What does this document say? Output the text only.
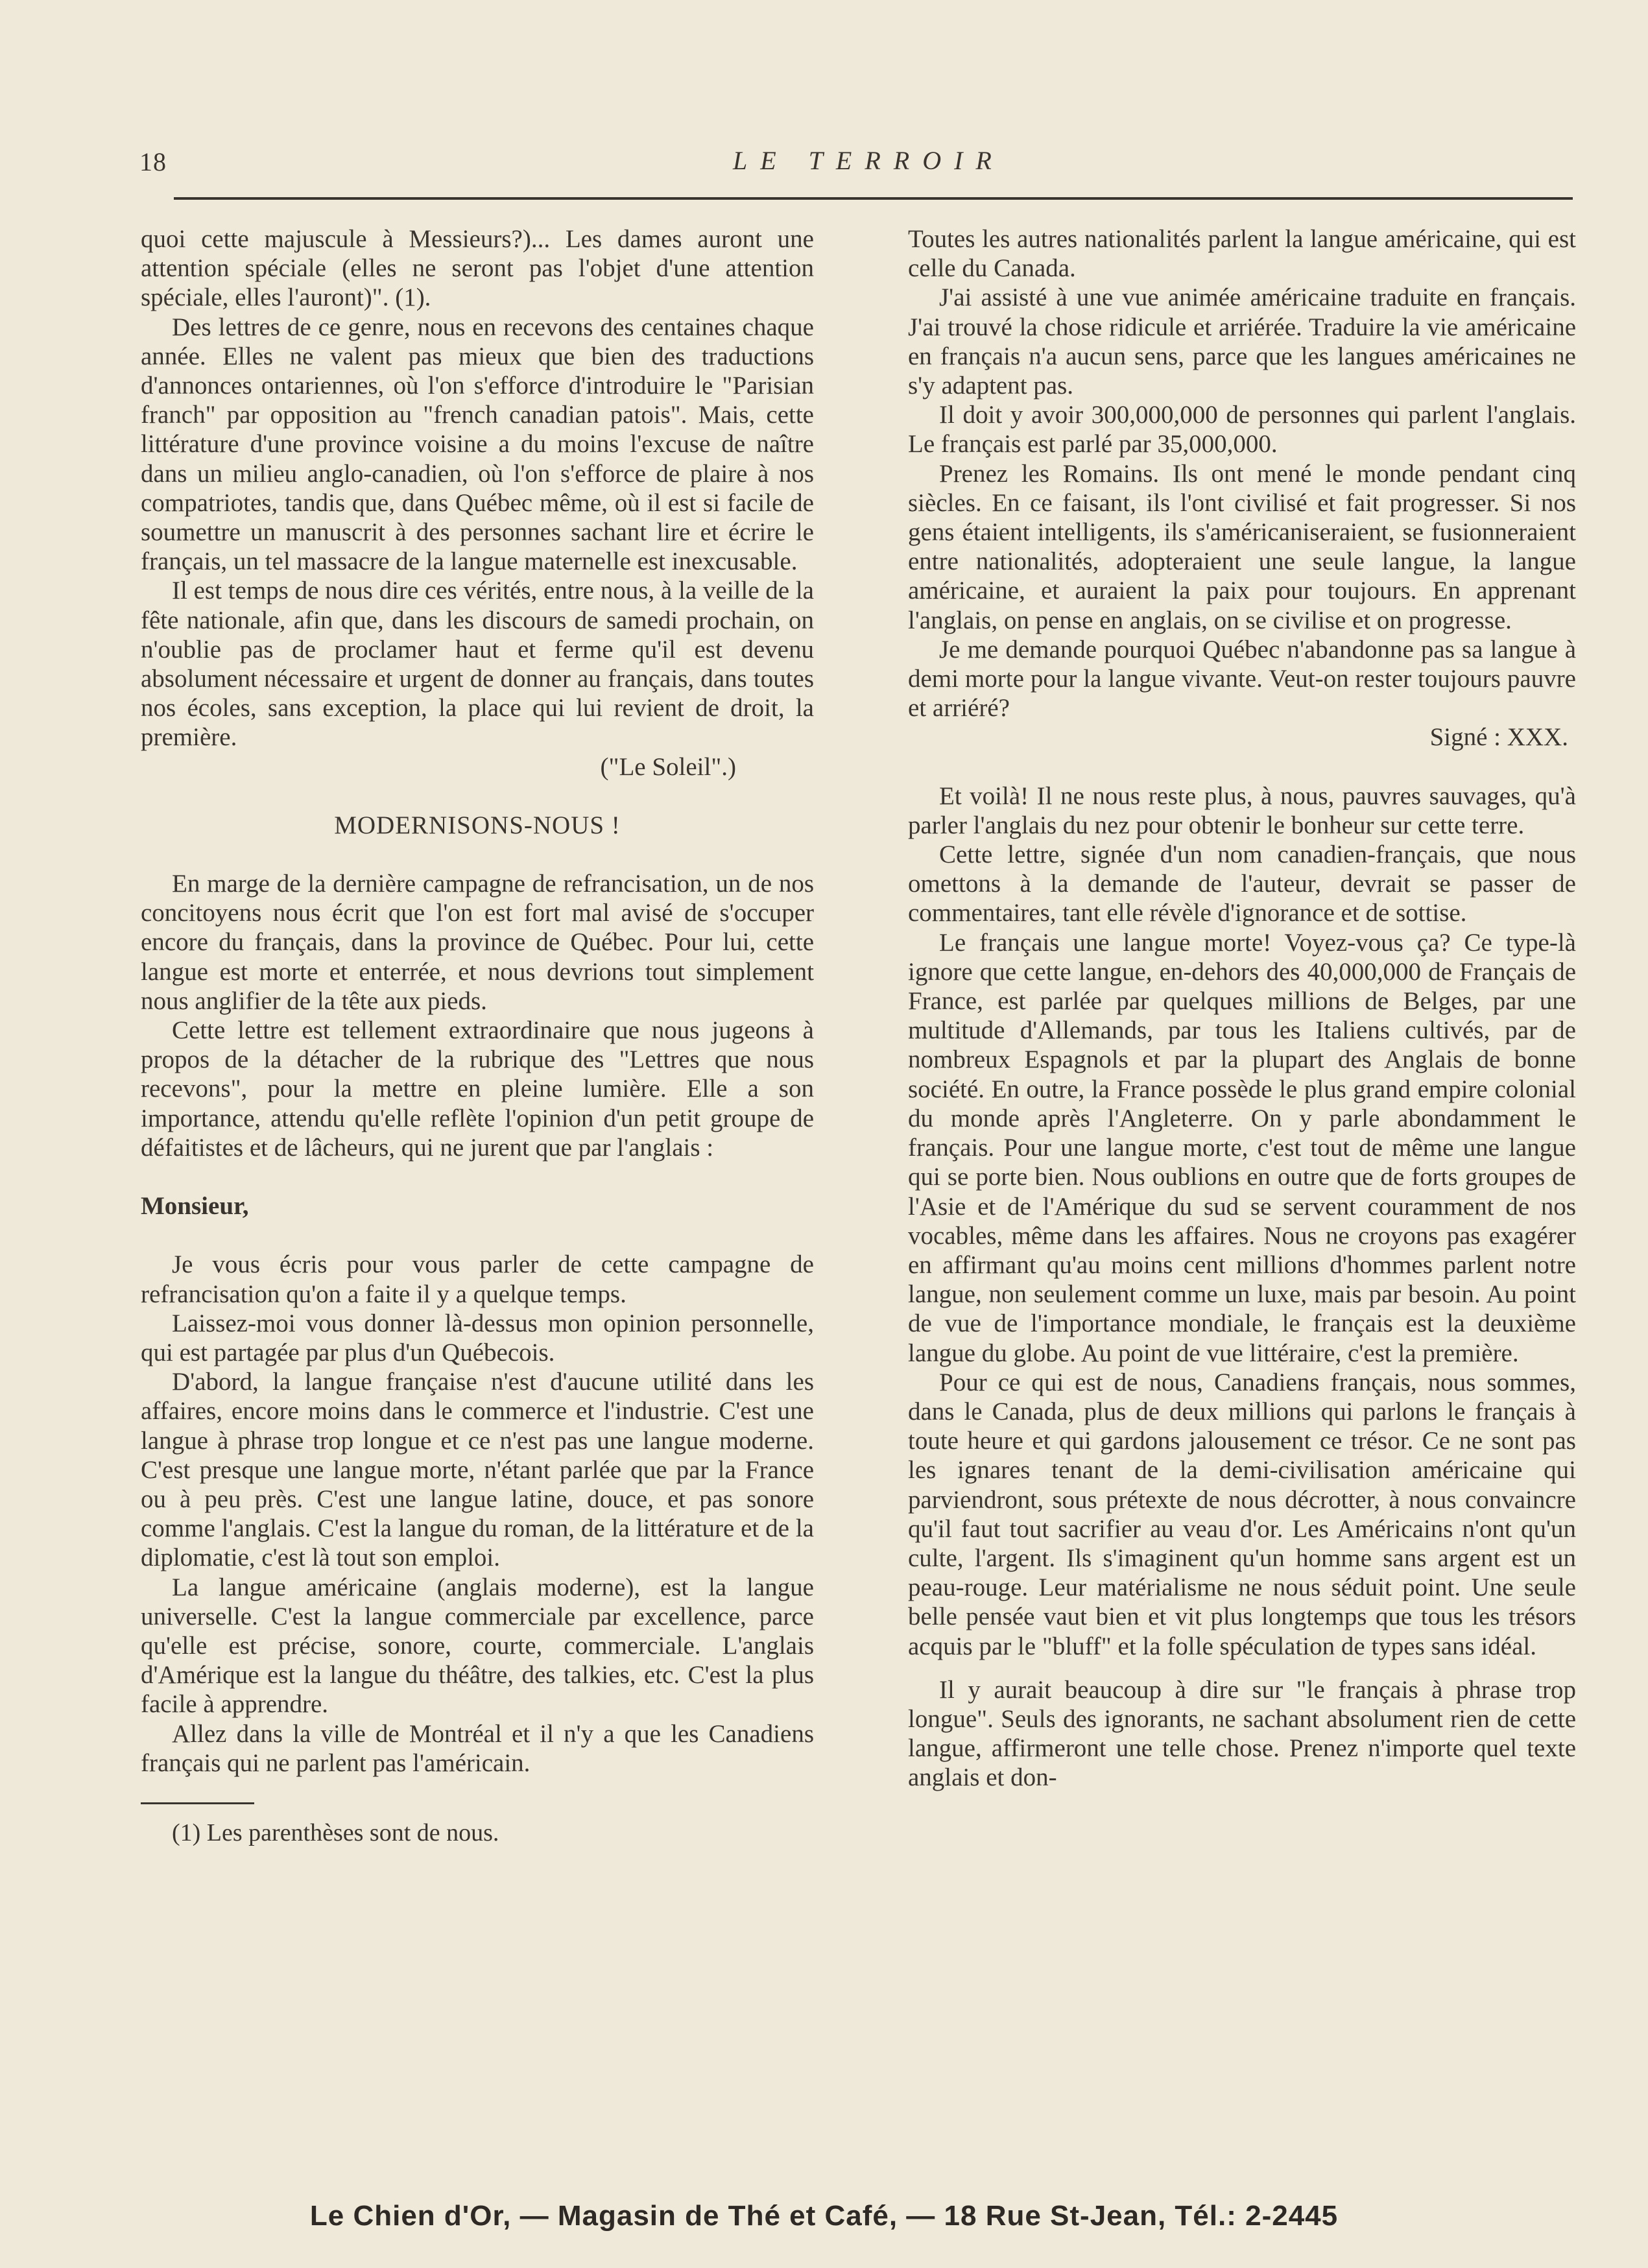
18	LE TERROIR

quoi cette majuscule à Messieurs?)... Les dames auront une attention spéciale (elles ne seront pas l'objet d'une attention spéciale, elles l'auront)". (1).

Des lettres de ce genre, nous en recevons des centaines chaque année. Elles ne valent pas mieux que bien des traductions d'annonces ontariennes, où l'on s'efforce d'introduire le "Parisian franch" par opposition au "french canadian patois". Mais, cette littérature d'une province voisine a du moins l'excuse de naître dans un milieu anglo-canadien, où l'on s'efforce de plaire à nos compatriotes, tandis que, dans Québec même, où il est si facile de soumettre un manuscrit à des personnes sachant lire et écrire le français, un tel massacre de la langue maternelle est inexcusable.

Il est temps de nous dire ces vérités, entre nous, à la veille de la fête nationale, afin que, dans les discours de samedi prochain, on n'oublie pas de proclamer haut et ferme qu'il est devenu absolument nécessaire et urgent de donner au français, dans toutes nos écoles, sans exception, la place qui lui revient de droit, la première.

("Le Soleil".)

MODERNISONS-NOUS !

En marge de la dernière campagne de refrancisation, un de nos concitoyens nous écrit que l'on est fort mal avisé de s'occuper encore du français, dans la province de Québec. Pour lui, cette langue est morte et enterrée, et nous devrions tout simplement nous anglifier de la tête aux pieds.

Cette lettre est tellement extraordinaire que nous jugeons à propos de la détacher de la rubrique des "Lettres que nous recevons", pour la mettre en pleine lumière. Elle a son importance, attendu qu'elle reflète l'opinion d'un petit groupe de défaitistes et de lâcheurs, qui ne jurent que par l'anglais :

Monsieur,

Je vous écris pour vous parler de cette campagne de refrancisation qu'on a faite il y a quelque temps.

Laissez-moi vous donner là-dessus mon opinion personnelle, qui est partagée par plus d'un Québecois.

D'abord, la langue française n'est d'aucune utilité dans les affaires, encore moins dans le commerce et l'industrie. C'est une langue à phrase trop longue et ce n'est pas une langue moderne. C'est presque une langue morte, n'étant parlée que par la France ou à peu près. C'est une langue latine, douce, et pas sonore comme l'anglais. C'est la langue du roman, de la littérature et de la diplomatie, c'est là tout son emploi.

La langue américaine (anglais moderne), est la langue universelle. C'est la langue commerciale par excellence, parce qu'elle est précise, sonore, courte, commerciale. L'anglais d'Amérique est la langue du théâtre, des talkies, etc. C'est la plus facile à apprendre.

Allez dans la ville de Montréal et il n'y a que les Canadiens français qui ne parlent pas l'américain.

(1) Les parenthèses sont de nous.

Toutes les autres nationalités parlent la langue américaine, qui est celle du Canada.

J'ai assisté à une vue animée américaine traduite en français. J'ai trouvé la chose ridicule et arriérée. Traduire la vie américaine en français n'a aucun sens, parce que les langues américaines ne s'y adaptent pas.

Il doit y avoir 300,000,000 de personnes qui parlent l'anglais. Le français est parlé par 35,000,000.

Prenez les Romains. Ils ont mené le monde pendant cinq siècles. En ce faisant, ils l'ont civilisé et fait progresser. Si nos gens étaient intelligents, ils s'américaniseraient, se fusionneraient entre nationalités, adopteraient une seule langue, la langue américaine, et auraient la paix pour toujours. En apprenant l'anglais, on pense en anglais, on se civilise et on progresse.

Je me demande pourquoi Québec n'abandonne pas sa langue à demi morte pour la langue vivante. Veut-on rester toujours pauvre et arriéré?

Signé : XXX.

Et voilà! Il ne nous reste plus, à nous, pauvres sauvages, qu'à parler l'anglais du nez pour obtenir le bonheur sur cette terre.

Cette lettre, signée d'un nom canadien-français, que nous omettons à la demande de l'auteur, devrait se passer de commentaires, tant elle révèle d'ignorance et de sottise.

Le français une langue morte! Voyez-vous ça? Ce type-là ignore que cette langue, en-dehors des 40,000,000 de Français de France, est parlée par quelques millions de Belges, par une multitude d'Allemands, par tous les Italiens cultivés, par de nombreux Espagnols et par la plupart des Anglais de bonne société. En outre, la France possède le plus grand empire colonial du monde après l'Angleterre. On y parle abondamment le français. Pour une langue morte, c'est tout de même une langue qui se porte bien. Nous oublions en outre que de forts groupes de l'Asie et de l'Amérique du sud se servent couramment de nos vocables, même dans les affaires. Nous ne croyons pas exagérer en affirmant qu'au moins cent millions d'hommes parlent notre langue, non seulement comme un luxe, mais par besoin. Au point de vue de l'importance mondiale, le français est la deuxième langue du globe. Au point de vue littéraire, c'est la première.

Pour ce qui est de nous, Canadiens français, nous sommes, dans le Canada, plus de deux millions qui parlons le français à toute heure et qui gardons jalousement ce trésor. Ce ne sont pas les ignares tenant de la demi-civilisation américaine qui parviendront, sous prétexte de nous décrotter, à nous convaincre qu'il faut tout sacrifier au veau d'or. Les Américains n'ont qu'un culte, l'argent. Ils s'imaginent qu'un homme sans argent est un peau-rouge. Leur matérialisme ne nous séduit point. Une seule belle pensée vaut bien et vit plus longtemps que tous les trésors acquis par le "bluff" et la folle spéculation de types sans idéal.

Il y aurait beaucoup à dire sur "le français à phrase trop longue". Seuls des ignorants, ne sachant absolument rien de cette langue, affirmeront une telle chose. Prenez n'importe quel texte anglais et don-

Le Chien d'Or, — Magasin de Thé et Café, — 18 Rue St-Jean, Tél.: 2-2445
